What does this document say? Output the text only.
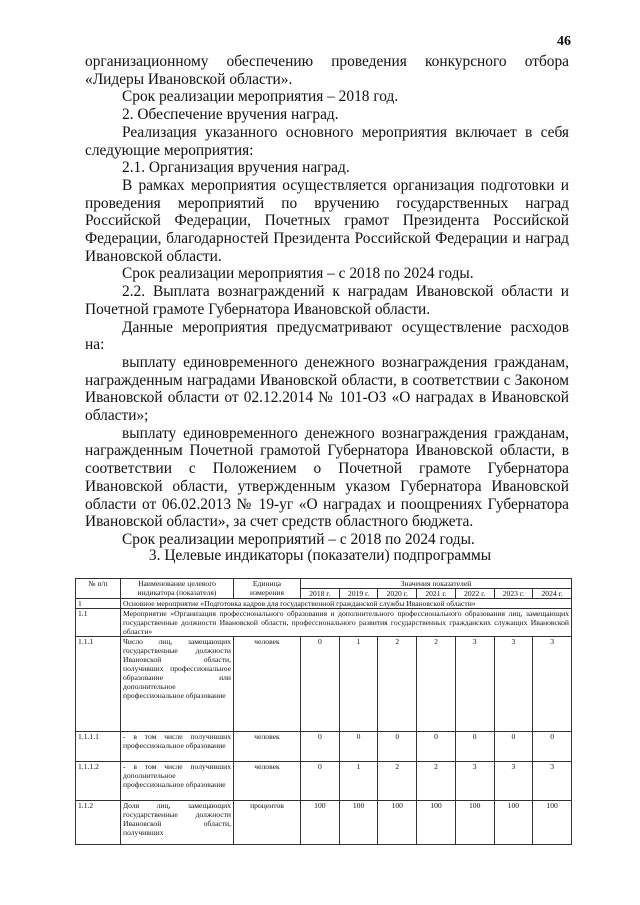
46

организационному обеспечению проведения конкурсного отбора «Лидеры Ивановской области».

Срок реализации мероприятия – 2018 год.

2. Обеспечение вручения наград.

Реализация указанного основного мероприятия включает в себя следующие мероприятия:

2.1. Организация вручения наград.

В рамках мероприятия осуществляется организация подготовки и проведения мероприятий по вручению государственных наград Российской Федерации, Почетных грамот Президента Российской Федерации, благодарностей Президента Российской Федерации и наград Ивановской области.

Срок реализации мероприятия – с 2018 по 2024 годы.

2.2. Выплата вознаграждений к наградам Ивановской области и Почетной грамоте Губернатора Ивановской области.

Данные мероприятия предусматривают осуществление расходов на:

выплату единовременного денежного вознаграждения гражданам, награжденным наградами Ивановской области, в соответствии с Законом Ивановской области от 02.12.2014 № 101-ОЗ «О наградах в Ивановской области»;

выплату единовременного денежного вознаграждения гражданам, награжденным Почетной грамотой Губернатора Ивановской области, в соответствии с Положением о Почетной грамоте Губернатора Ивановской области, утвержденным указом Губернатора Ивановской области от 06.02.2013 № 19-уг «О наградах и поощрениях Губернатора Ивановской области», за счет средств областного бюджета.

Срок реализации мероприятий – с 2018 по 2024 годы.

3. Целевые индикаторы (показатели) подпрограммы
№ п/п	Наименование целевого индикатора (показателя)	Единица измерения	Значения показателей						
			2018 г.	2019 г.	2020 г.	2021 г.	2022 г.	2023 г.	2024 г.
1	Основное мероприятие «Подготовка кадров для государственной гражданской службы Ивановской области»								
1.1	Мероприятие «Организация профессионального образования и дополнительного профессионального образования лиц, замещающих государственные должности Ивановской области, профессионального развития государственных гражданских служащих Ивановской области»								
1.1.1	Число лиц, замещающих государственные должности Ивановской области, получивших профессиональное образование или дополнительное профессиональное образование	человек	0	1	2	2	3	3	3
1.1.1.1	- в том числе получивших профессиональное образование	человек	0	0	0	0	0	0	0
1.1.1.2	- в том числе получивших дополнительное профессиональное образование	человек	0	1	2	2	3	3	3
1.1.2	Доля лиц, замещающих государственные должности Ивановской области, получивших	процентов	100	100	100	100	100	100	100
